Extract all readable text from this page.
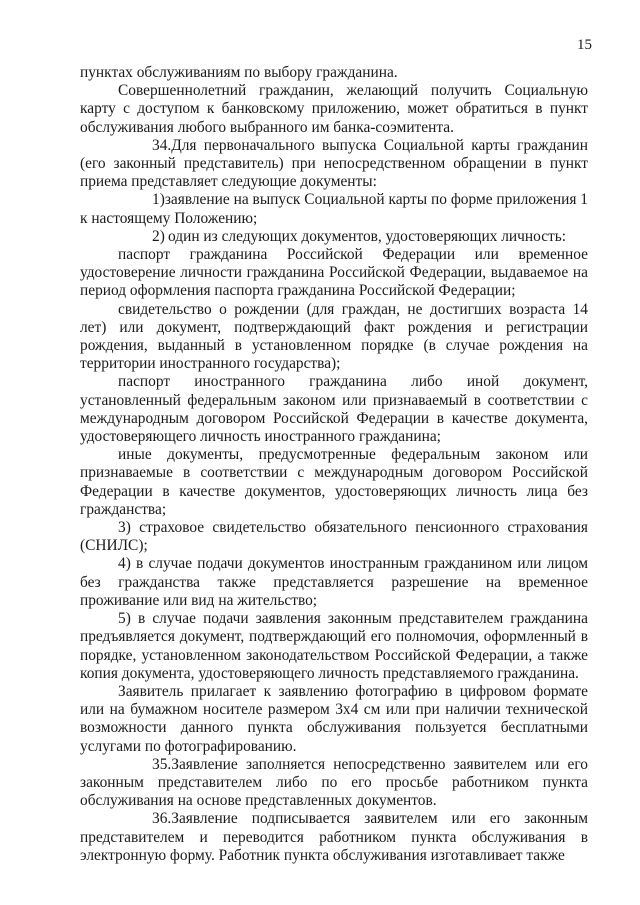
15

пунктах обслуживаниям по выбору гражданина.

Совершеннолетний гражданин, желающий получить Социальную карту с доступом к банковскому приложению, может обратиться в пункт обслуживания любого выбранного им банка-соэмитента.

34.Для первоначального выпуска Социальной карты гражданин (его законный представитель) при непосредственном обращении в пункт приема представляет следующие документы:

1)заявление на выпуск Социальной карты по форме приложения 1 к настоящему Положению;

2) один из следующих документов, удостоверяющих личность:

паспорт гражданина Российской Федерации или временное удостоверение личности гражданина Российской Федерации, выдаваемое на период оформления паспорта гражданина Российской Федерации;

свидетельство о рождении (для граждан, не достигших возраста 14 лет) или документ, подтверждающий факт рождения и регистрации рождения, выданный в установленном порядке (в случае рождения на территории иностранного государства);

паспорт иностранного гражданина либо иной документ, установленный федеральным законом или признаваемый в соответствии с международным договором Российской Федерации в качестве документа, удостоверяющего личность иностранного гражданина;

иные документы, предусмотренные федеральным законом или признаваемые в соответствии с международным договором Российской Федерации в качестве документов, удостоверяющих личность лица без гражданства;

3) страховое свидетельство обязательного пенсионного страхования (СНИЛС);

4) в случае подачи документов иностранным гражданином или лицом без гражданства также представляется разрешение на временное проживание или вид на жительство;

5) в случае подачи заявления законным представителем гражданина предъявляется документ, подтверждающий его полномочия, оформленный в порядке, установленном законодательством Российской Федерации, а также копия документа, удостоверяющего личность представляемого гражданина.

Заявитель прилагает к заявлению фотографию в цифровом формате или на бумажном носителе размером 3х4 см или при наличии технической возможности данного пункта обслуживания пользуется бесплатными услугами по фотографированию.

35.Заявление заполняется непосредственно заявителем или его законным представителем либо по его просьбе работником пункта обслуживания на основе представленных документов.

36.Заявление подписывается заявителем или его законным представителем и переводится работником пункта обслуживания в электронную форму. Работник пункта обслуживания изготавливает также
